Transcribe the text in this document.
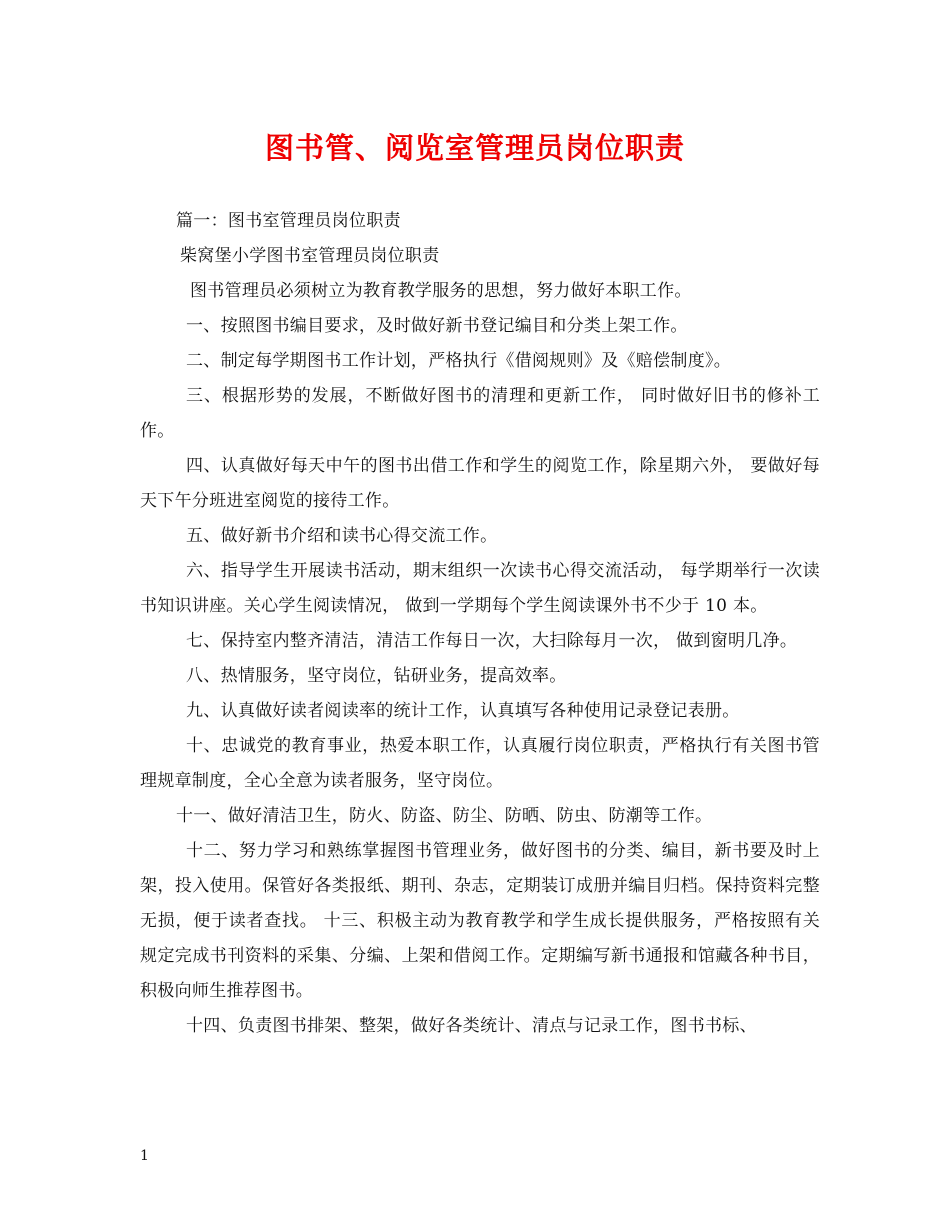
图书管、阅览室管理员岗位职责

篇一：图书室管理员岗位职责

柴窝堡小学图书室管理员岗位职责

图书管理员必须树立为教育教学服务的思想，努力做好本职工作。

一、按照图书编目要求，及时做好新书登记编目和分类上架工作。

二、制定每学期图书工作计划，严格执行《借阅规则》及《赔偿制度》。

三、根据形势的发展，不断做好图书的清理和更新工作， 同时做好旧书的修补工作。

四、认真做好每天中午的图书出借工作和学生的阅览工作，除星期六外， 要做好每天下午分班进室阅览的接待工作。

五、做好新书介绍和读书心得交流工作。

六、指导学生开展读书活动，期末组织一次读书心得交流活动， 每学期举行一次读书知识讲座。关心学生阅读情况， 做到一学期每个学生阅读课外书不少于 10 本。

七、保持室内整齐清洁，清洁工作每日一次，大扫除每月一次， 做到窗明几净。

八、热情服务，坚守岗位，钻研业务，提高效率。

九、认真做好读者阅读率的统计工作，认真填写各种使用记录登记表册。

十、忠诚党的教育事业，热爱本职工作，认真履行岗位职责，严格执行有关图书管理规章制度，全心全意为读者服务，坚守岗位。

十一、做好清洁卫生，防火、防盗、防尘、防晒、防虫、防潮等工作。

十二、努力学习和熟练掌握图书管理业务，做好图书的分类、编目，新书要及时上架，投入使用。保管好各类报纸、期刊、杂志，定期装订成册并编目归档。保持资料完整无损，便于读者查找。 十三、积极主动为教育教学和学生成长提供服务，严格按照有关规定完成书刊资料的采集、分编、上架和借阅工作。定期编写新书通报和馆藏各种书目，积极向师生推荐图书。

十四、负责图书排架、整架，做好各类统计、清点与记录工作，图书书标、

1
